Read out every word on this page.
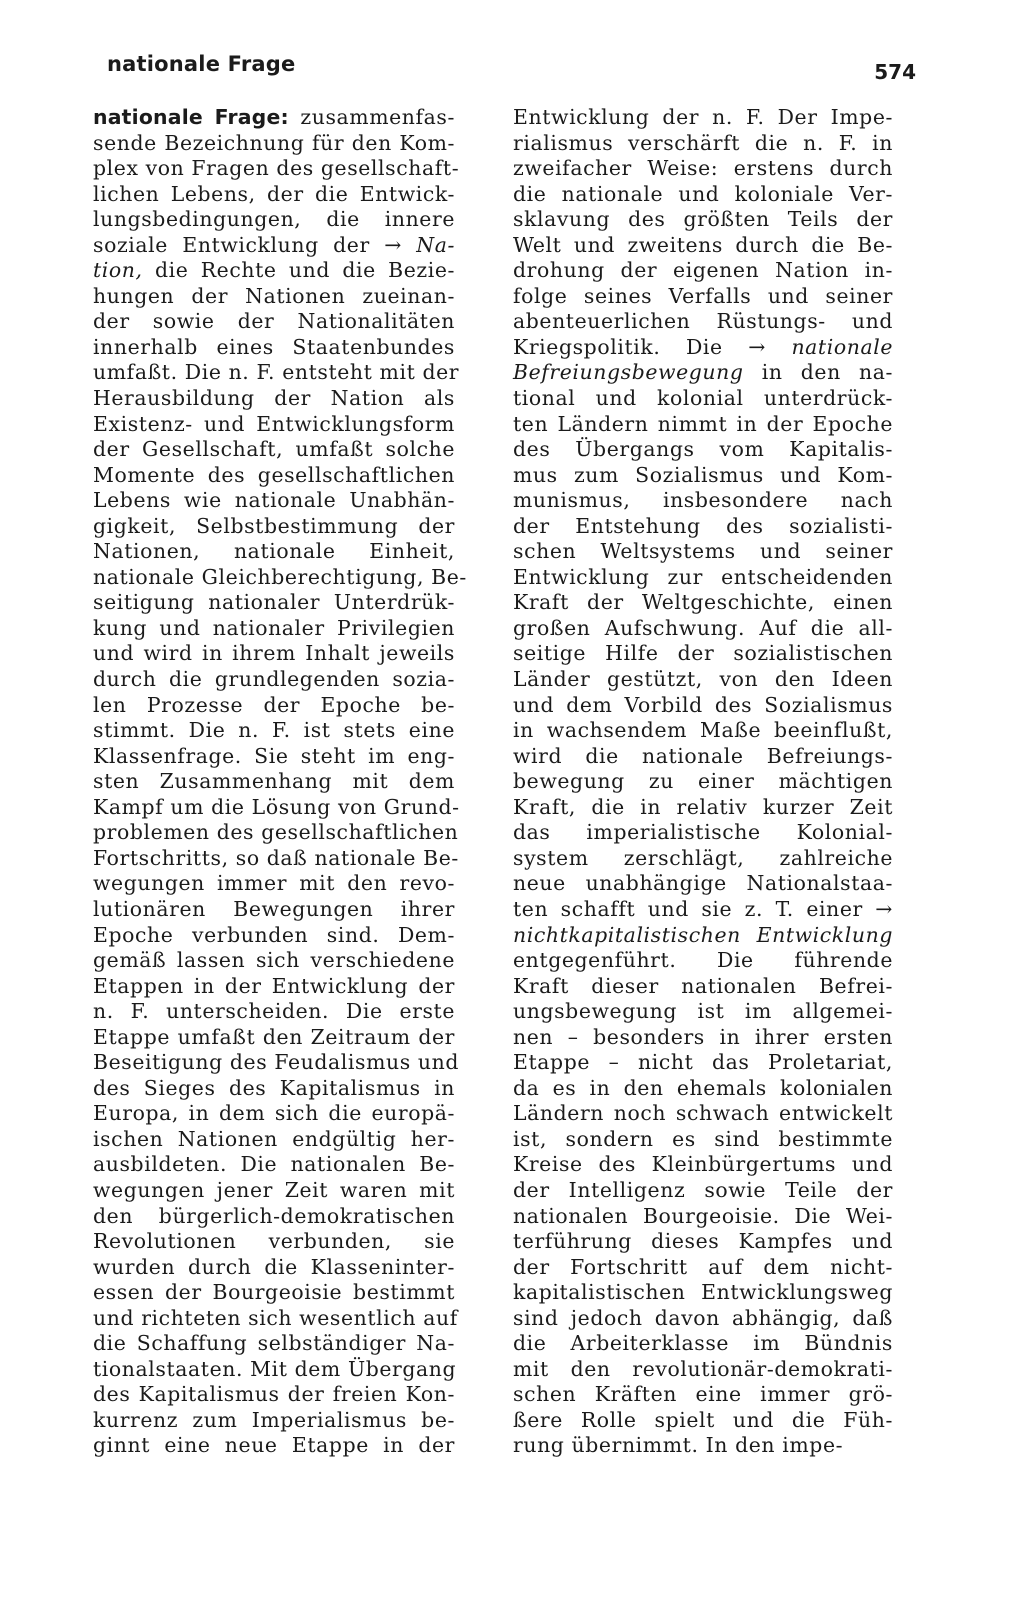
nationale Frage	574
nationale Frage: zusammenfas-
sende Bezeichnung für den Kom-
plex von Fragen des gesellschaft-
lichen Lebens, der die Entwick-
lungsbedingungen, die innere
soziale Entwicklung der → Na-
tion, die Rechte und die Bezie-
hungen der Nationen zueinan-
der sowie der Nationalitäten
innerhalb eines Staatenbundes
umfaßt. Die n. F. entsteht mit der
Herausbildung der Nation als
Existenz- und Entwicklungsform
der Gesellschaft, umfaßt solche
Momente des gesellschaftlichen
Lebens wie nationale Unabhän-
gigkeit, Selbstbestimmung der
Nationen, nationale Einheit,
nationale Gleichberechtigung, Be-
seitigung nationaler Unterdrük-
kung und nationaler Privilegien
und wird in ihrem Inhalt jeweils
durch die grundlegenden sozia-
len Prozesse der Epoche be-
stimmt. Die n. F. ist stets eine
Klassenfrage. Sie steht im eng-
sten Zusammenhang mit dem
Kampf um die Lösung von Grund-
problemen des gesellschaftlichen
Fortschritts, so daß nationale Be-
wegungen immer mit den revo-
lutionären Bewegungen ihrer
Epoche verbunden sind. Dem-
gemäß lassen sich verschiedene
Etappen in der Entwicklung der
n. F. unterscheiden. Die erste
Etappe umfaßt den Zeitraum der
Beseitigung des Feudalismus und
des Sieges des Kapitalismus in
Europa, in dem sich die europä-
ischen Nationen endgültig her-
ausbildeten. Die nationalen Be-
wegungen jener Zeit waren mit
den bürgerlich-demokratischen
Revolutionen verbunden, sie
wurden durch die Klasseninter-
essen der Bourgeoisie bestimmt
und richteten sich wesentlich auf
die Schaffung selbständiger Na-
tionalstaaten. Mit dem Übergang
des Kapitalismus der freien Kon-
kurrenz zum Imperialismus be-
ginnt eine neue Etappe in der
Entwicklung der n. F. Der Impe-
rialismus verschärft die n. F. in
zweifacher Weise: erstens durch
die nationale und koloniale Ver-
sklavung des größten Teils der
Welt und zweitens durch die Be-
drohung der eigenen Nation in-
folge seines Verfalls und seiner
abenteuerlichen Rüstungs- und
Kriegspolitik. Die → nationale
Befreiungsbewegung in den na-
tional und kolonial unterdrück-
ten Ländern nimmt in der Epoche
des Übergangs vom Kapitalis-
mus zum Sozialismus und Kom-
munismus, insbesondere nach
der Entstehung des sozialisti-
schen Weltsystems und seiner
Entwicklung zur entscheidenden
Kraft der Weltgeschichte, einen
großen Aufschwung. Auf die all-
seitige Hilfe der sozialistischen
Länder gestützt, von den Ideen
und dem Vorbild des Sozialismus
in wachsendem Maße beeinflußt,
wird die nationale Befreiungs-
bewegung zu einer mächtigen
Kraft, die in relativ kurzer Zeit
das imperialistische Kolonial-
system zerschlägt, zahlreiche
neue unabhängige Nationalstaa-
ten schafft und sie z. T. einer →
nichtkapitalistischen Entwicklung
entgegenführt. Die führende
Kraft dieser nationalen Befrei-
ungsbewegung ist im allgemei-
nen – besonders in ihrer ersten
Etappe – nicht das Proletariat,
da es in den ehemals kolonialen
Ländern noch schwach entwickelt
ist, sondern es sind bestimmte
Kreise des Kleinbürgertums und
der Intelligenz sowie Teile der
nationalen Bourgeoisie. Die Wei-
terführung dieses Kampfes und
der Fortschritt auf dem nicht-
kapitalistischen Entwicklungsweg
sind jedoch davon abhängig, daß
die Arbeiterklasse im Bündnis
mit den revolutionär-demokrati-
schen Kräften eine immer grö-
ßere Rolle spielt und die Füh-
rung übernimmt. In den impe-
